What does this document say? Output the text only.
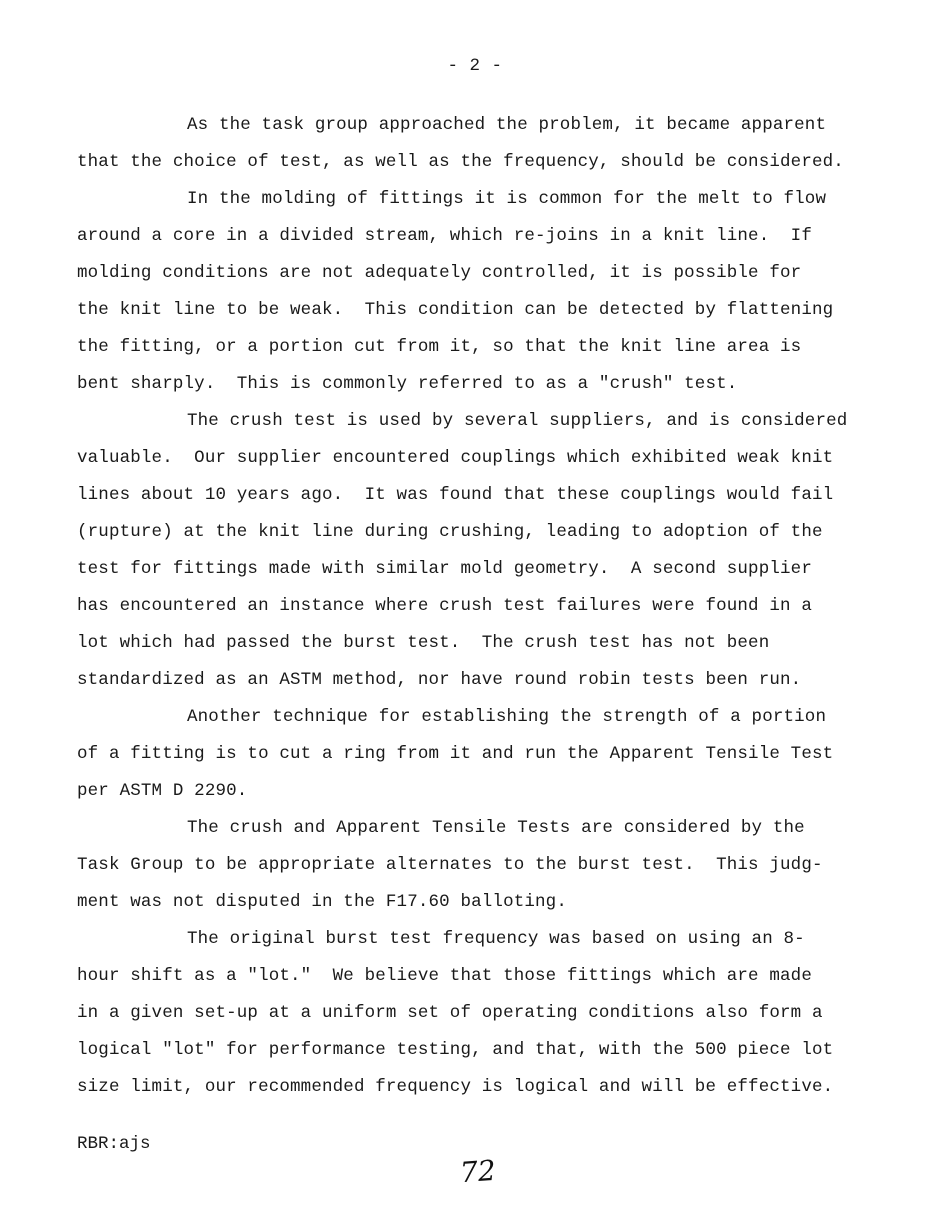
- 2 -
As the task group approached the problem, it became apparent
that the choice of test, as well as the frequency, should be considered.
In the molding of fittings it is common for the melt to flow
around a core in a divided stream, which re-joins in a knit line.  If
molding conditions are not adequately controlled, it is possible for
the knit line to be weak.  This condition can be detected by flattening
the fitting, or a portion cut from it, so that the knit line area is
bent sharply.  This is commonly referred to as a "crush" test.
The crush test is used by several suppliers, and is considered
valuable.  Our supplier encountered couplings which exhibited weak knit
lines about 10 years ago.  It was found that these couplings would fail
(rupture) at the knit line during crushing, leading to adoption of the
test for fittings made with similar mold geometry.  A second supplier
has encountered an instance where crush test failures were found in a
lot which had passed the burst test.  The crush test has not been
standardized as an ASTM method, nor have round robin tests been run.
Another technique for establishing the strength of a portion
of a fitting is to cut a ring from it and run the Apparent Tensile Test
per ASTM D 2290.
The crush and Apparent Tensile Tests are considered by the
Task Group to be appropriate alternates to the burst test.  This judg-
ment was not disputed in the F17.60 balloting.
The original burst test frequency was based on using an 8-
hour shift as a "lot."  We believe that those fittings which are made
in a given set-up at a uniform set of operating conditions also form a
logical "lot" for performance testing, and that, with the 500 piece lot
size limit, our recommended frequency is logical and will be effective.
RBR:ajs
72
